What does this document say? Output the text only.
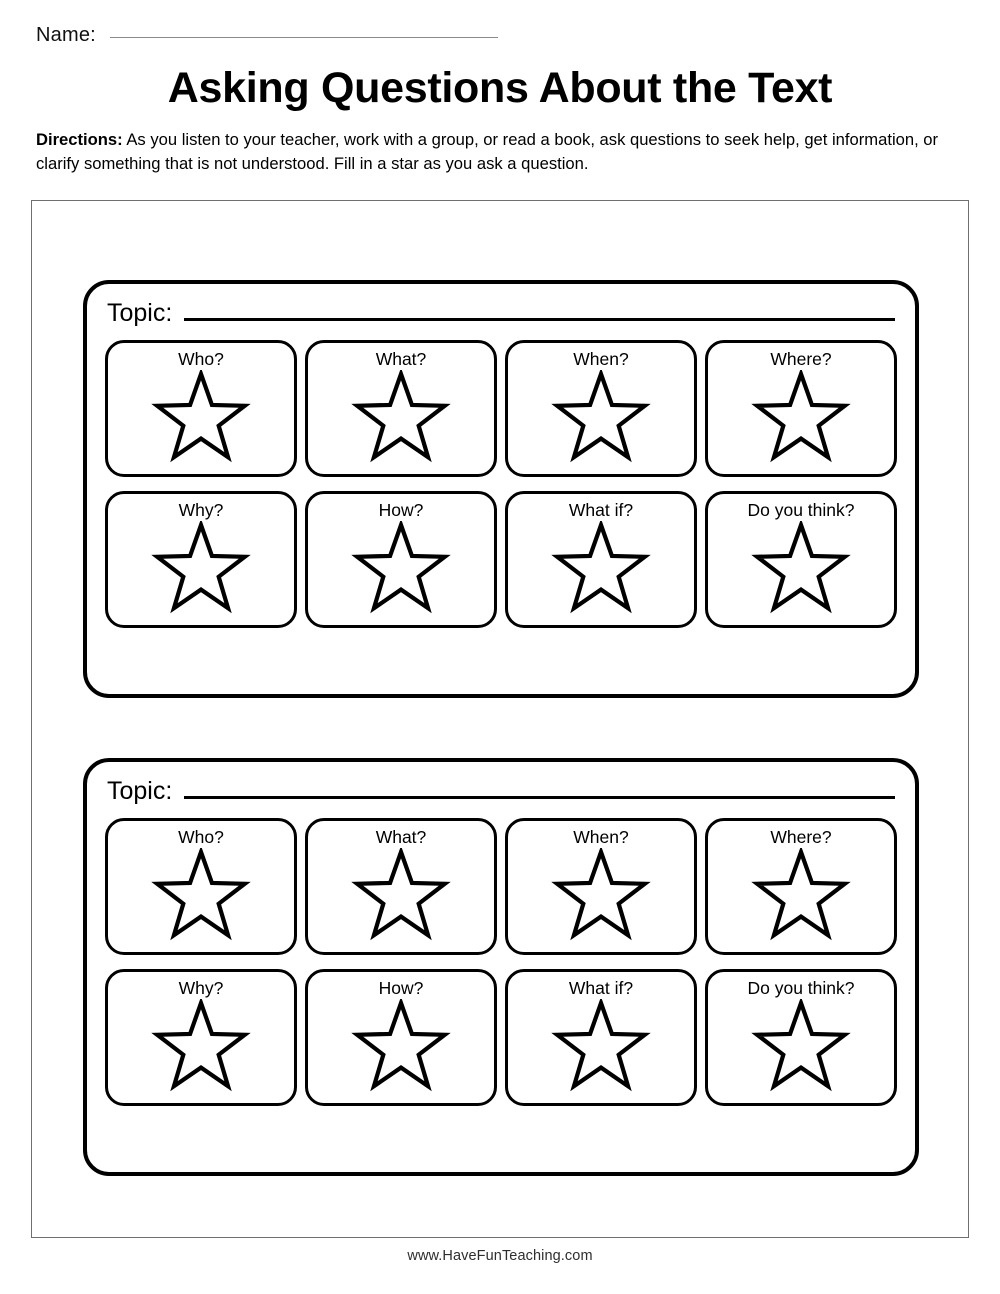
Name:
Asking Questions About the Text
Directions: As you listen to your teacher, work with a group, or read a book, ask questions to seek help, get information, or clarify something that is not understood. Fill in a star as you ask a question.
Topic:
Who?	What?	When?	Where?
Why?	How?	What if?	Do you think?
Topic:
Who?	What?	When?	Where?
Why?	How?	What if?	Do you think?
www.HaveFunTeaching.com
